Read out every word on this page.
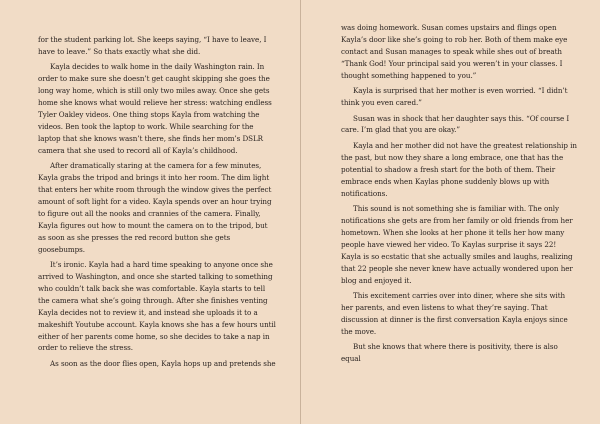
for the student parking lot. She keeps saying, “I have to leave, I have to leave.” So thats exactly what she did.

Kayla decides to walk home in the daily Washington rain. In order to make sure she doesn’t get caught skipping she goes the long way home, which is still only two miles away. Once she gets home she knows what would relieve her stress: watching endless Tyler Oakley videos. One thing stops Kayla from watching the videos. Ben took the laptop to work. While searching for the laptop that she knows wasn’t there, she finds her mom’s DSLR camera that she used to record all of Kayla’s childhood.

After dramatically staring at the camera for a few minutes, Kayla grabs the tripod and brings it into her room. The dim light that enters her white room through the window gives the perfect amount of soft light for a video. Kayla spends over an hour trying to figure out all the nooks and crannies of the camera. Finally, Kayla figures out how to mount the camera on to the tripod, but as soon as she presses the red record button she gets goosebumps.

It’s ironic. Kayla had a hard time speaking to anyone once she arrived to Washington, and once she started talking to something who couldn’t talk back she was comfortable. Kayla starts to tell the camera what she’s going through. After she finishes venting Kayla decides not to review it, and instead she uploads it to a makeshift Youtube account. Kayla knows she has a few hours until either of her parents come home, so she decides to take a nap in order to relieve the stress.

As soon as the door flies open, Kayla hops up and pretends she

was doing homework. Susan comes upstairs and flings open Kayla’s door like she’s going to rob her. Both of them make eye contact and Susan manages to speak while shes out of breath “Thank God! Your principal said you weren’t in your classes. I thought something happened to you.”

Kayla is surprised that her mother is even worried. “I didn’t think you even cared.”

Susan was in shock that her daughter says this. “Of course I care. I’m glad that you are okay.”

Kayla and her mother did not have the greatest relationship in the past, but now they share a long embrace, one that has the potential to shadow a fresh start for the both of them. Their embrace ends when Kaylas phone suddenly blows up with notifications.

This sound is not something she is familiar with. The only notifications she gets are from her family or old friends from her hometown. When she looks at her phone it tells her how many people have viewed her video. To Kaylas surprise it says 22! Kayla is so ecstatic that she actually smiles and laughs, realizing that 22 people she never knew have actually wondered upon her blog and enjoyed it.

This excitement carries over into diner, where she sits with her parents, and even listens to what they’re saying. That discussion at dinner is the first conversation Kayla enjoys since the move.

But she knows that where there is positivity, there is also equal
